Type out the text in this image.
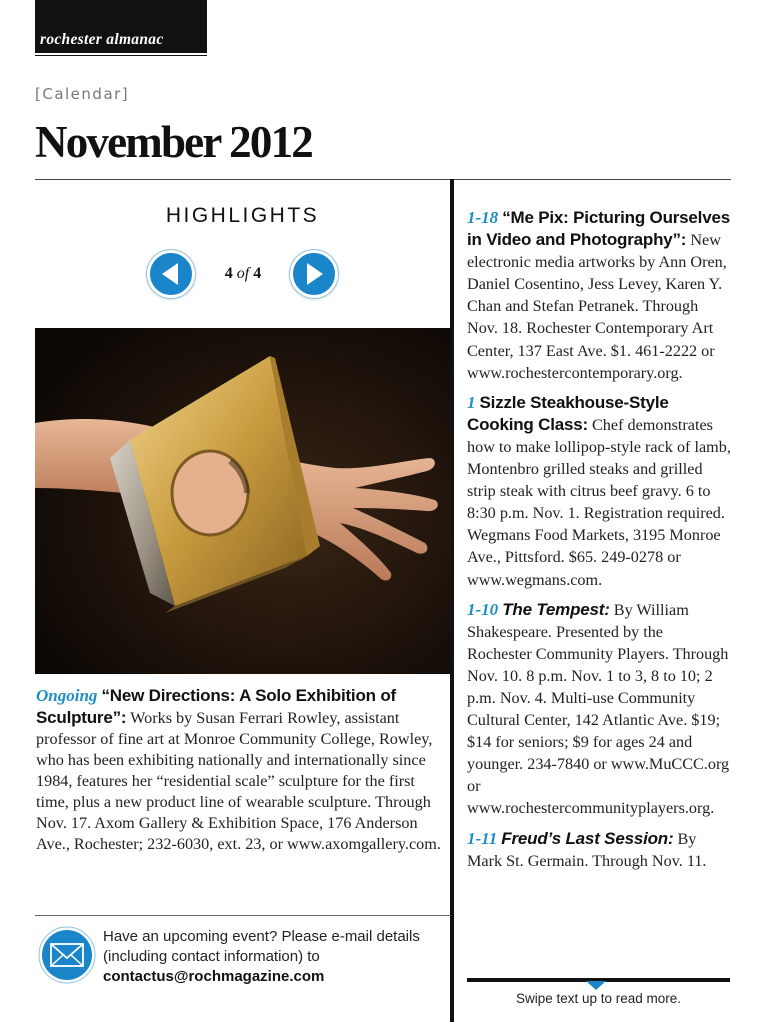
rochester almanac
[Calendar]
November 2012
HIGHLIGHTS
4 of 4
Ongoing “New Directions: A Solo Exhibition of Sculpture”: Works by Susan Ferrari Rowley, assistant professor of fine art at Monroe Community College, Rowley, who has been exhibiting nationally and internationally since 1984, features her “residential scale” sculpture for the first time, plus a new product line of wearable sculpture. Through Nov. 17. Axom Gallery & Exhibition Space, 176 Anderson Ave., Rochester; 232-6030, ext. 23, or www.axomgallery.com.
Have an upcoming event? Please e-mail details (including contact information) to contactus@rochmagazine.com
1-18 “Me Pix: Picturing Ourselves in Video and Photography”: New electronic media artworks by Ann Oren, Daniel Cosentino, Jess Levey, Karen Y. Chan and Stefan Petranek. Through Nov. 18. Rochester Contemporary Art Center, 137 East Ave. $1. 461-2222 or www.rochestercontemporary.org.
1 Sizzle Steakhouse-Style Cooking Class: Chef demonstrates how to make lollipop-style rack of lamb, Montenbro grilled steaks and grilled strip steak with citrus beef gravy. 6 to 8:30 p.m. Nov. 1. Registration required. Wegmans Food Markets, 3195 Monroe Ave., Pittsford. $65. 249-0278 or www.wegmans.com.
1-10 The Tempest: By William Shakespeare. Presented by the Rochester Community Players. Through Nov. 10. 8 p.m. Nov. 1 to 3, 8 to 10; 2 p.m. Nov. 4. Multi-use Community Cultural Center, 142 Atlantic Ave. $19; $14 for seniors; $9 for ages 24 and younger. 234-7840 or www.MuCCC.org or www.rochestercommunityplayers.org.
1-11 Freud’s Last Session: By Mark St. Germain. Through Nov. 11.
Swipe text up to read more.
